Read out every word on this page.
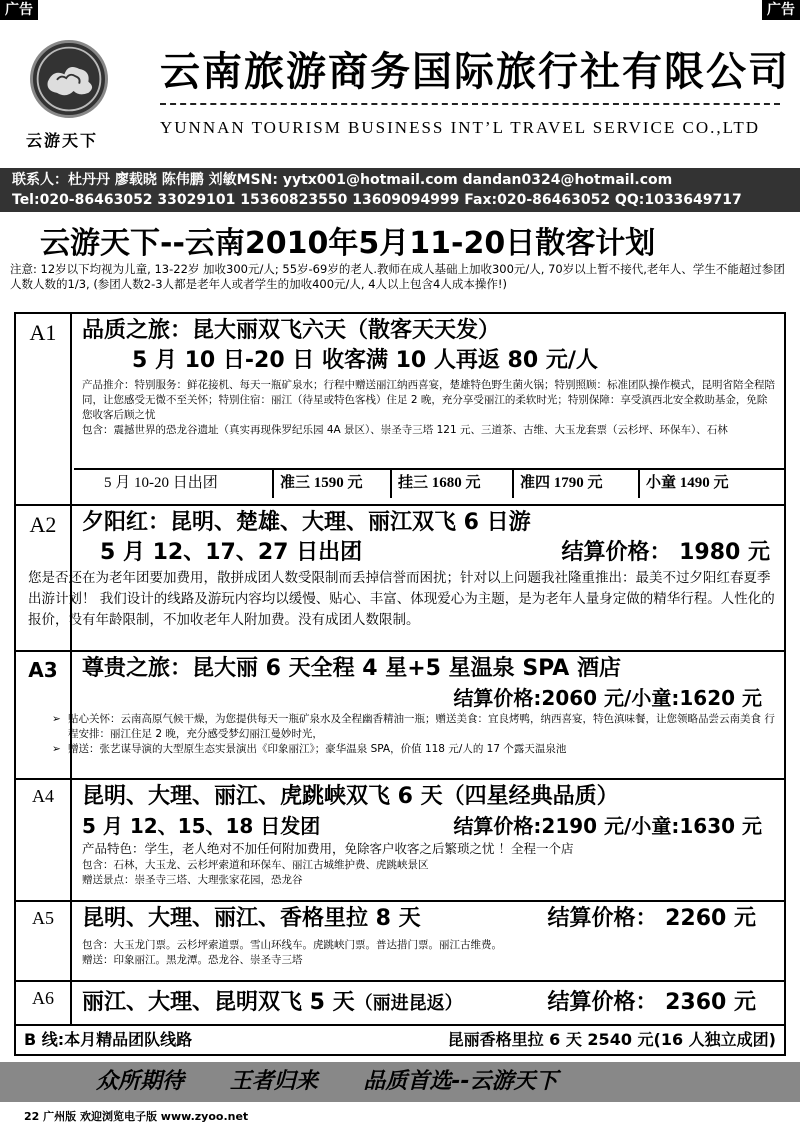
广告	广告
云游天下
云南旅游商务国际旅行社有限公司
YUNNAN TOURISM BUSINESS INT’L TRAVEL SERVICE CO.,LTD
联系人：杜丹丹 廖载晓 陈伟鹏 刘敏MSN: yytx001@hotmail.com dandan0324@hotmail.com
Tel:020-86463052 33029101 15360823550 13609094999 Fax:020-86463052 QQ:1033649717
云游天下--云南2010年5月11-20日散客计划
注意: 12岁以下均视为儿童, 13-22岁 加收300元/人; 55岁-69岁的老人.教师在成人基础上加收300元/人, 70岁以上暂不接代,老年人、学生不能超过参团人数人数的1/3, (参团人数2-3人都是老年人或者学生的加收400元/人, 4人以上包含4人成本操作!)
A1	品质之旅：昆大丽双飞六天（散客天天发）
5 月 10 日-20 日 收客满 10 人再返 80 元/人
产品推介：特别服务：鲜花接机、每天一瓶矿泉水；行程中赠送丽江纳西喜宴，楚雄特色野生菌火锅；特别照顾：标准团队操作模式，昆明省陪全程陪同，让您感受无微不至关怀；特别住宿：丽江（待星或特色客栈）住足 2 晚，充分享受丽江的柔软时光；特别保障：享受滇西北安全救助基金，免除您收客后顾之忧
包含：震撼世界的恐龙谷遗址（真实再现侏罗纪乐园 4A 景区）、崇圣寺三塔 121 元、三道茶、古维、大玉龙套票（云杉坪、环保车）、石林
5 月 10-20 日出团	准三 1590 元	挂三 1680 元	准四 1790 元	小童 1490 元
A2	夕阳红：昆明、楚雄、大理、丽江双飞 6 日游
5 月 12、17、27 日出团	结算价格： 1980 元
您是否还在为老年团要加费用，散拼成团人数受限制而丢掉信誉而困扰；针对以上问题我社隆重推出：最美不过夕阳红春夏季出游计划！ 我们设计的线路及游玩内容均以缓慢、贴心、丰富、体现爱心为主题，是为老年人量身定做的精华行程。人性化的报价，没有年龄限制，不加收老年人附加费。没有成团人数限制。
A3	尊贵之旅：昆大丽 6 天全程 4 星+5 星温泉 SPA 酒店
结算价格:2060 元/小童:1620 元
➢ 贴心关怀：云南高原气候干燥，为您提供每天一瓶矿泉水及全程幽香精油一瓶；赠送美食：宜良烤鸭，纳西喜宴，特色滇味餐，让您领略品尝云南美食 行程安排：丽江住足 2 晚，充分感受梦幻丽江曼妙时光，
➢ 赠送：张艺谋导演的大型原生态实景演出《印象丽江》；豪华温泉 SPA，价值 118 元/人的 17 个露天温泉池
A4	昆明、大理、丽江、虎跳峡双飞 6 天（四星经典品质）
5 月 12、15、18 日发团	结算价格:2190 元/小童:1630 元
产品特色：学生，老人绝对不加任何附加费用，免除客户收客之后繁琐之忧 ！全程一个店
包含：石林，大玉龙、云杉坪索道和环保车、丽江古城维护费、虎跳峡景区
赠送景点：崇圣寺三塔、大理张家花园，恐龙谷
A5	昆明、大理、丽江、香格里拉 8 天	结算价格： 2260 元
包含：大玉龙门票。云杉坪索道票。雪山环线车。虎跳峡门票。普达措门票。丽江古维费。
赠送：印象丽江。黑龙潭。恐龙谷、崇圣寺三塔
A6	丽江、大理、昆明双飞 5 天（丽进昆返）	结算价格： 2360 元
B 线:本月精品团队线路	昆丽香格里拉 6 天 2540 元(16 人独立成团)
众所期待 王者归来 品质首选--云游天下
22 广州版 欢迎浏览电子版 www.zyoo.net
